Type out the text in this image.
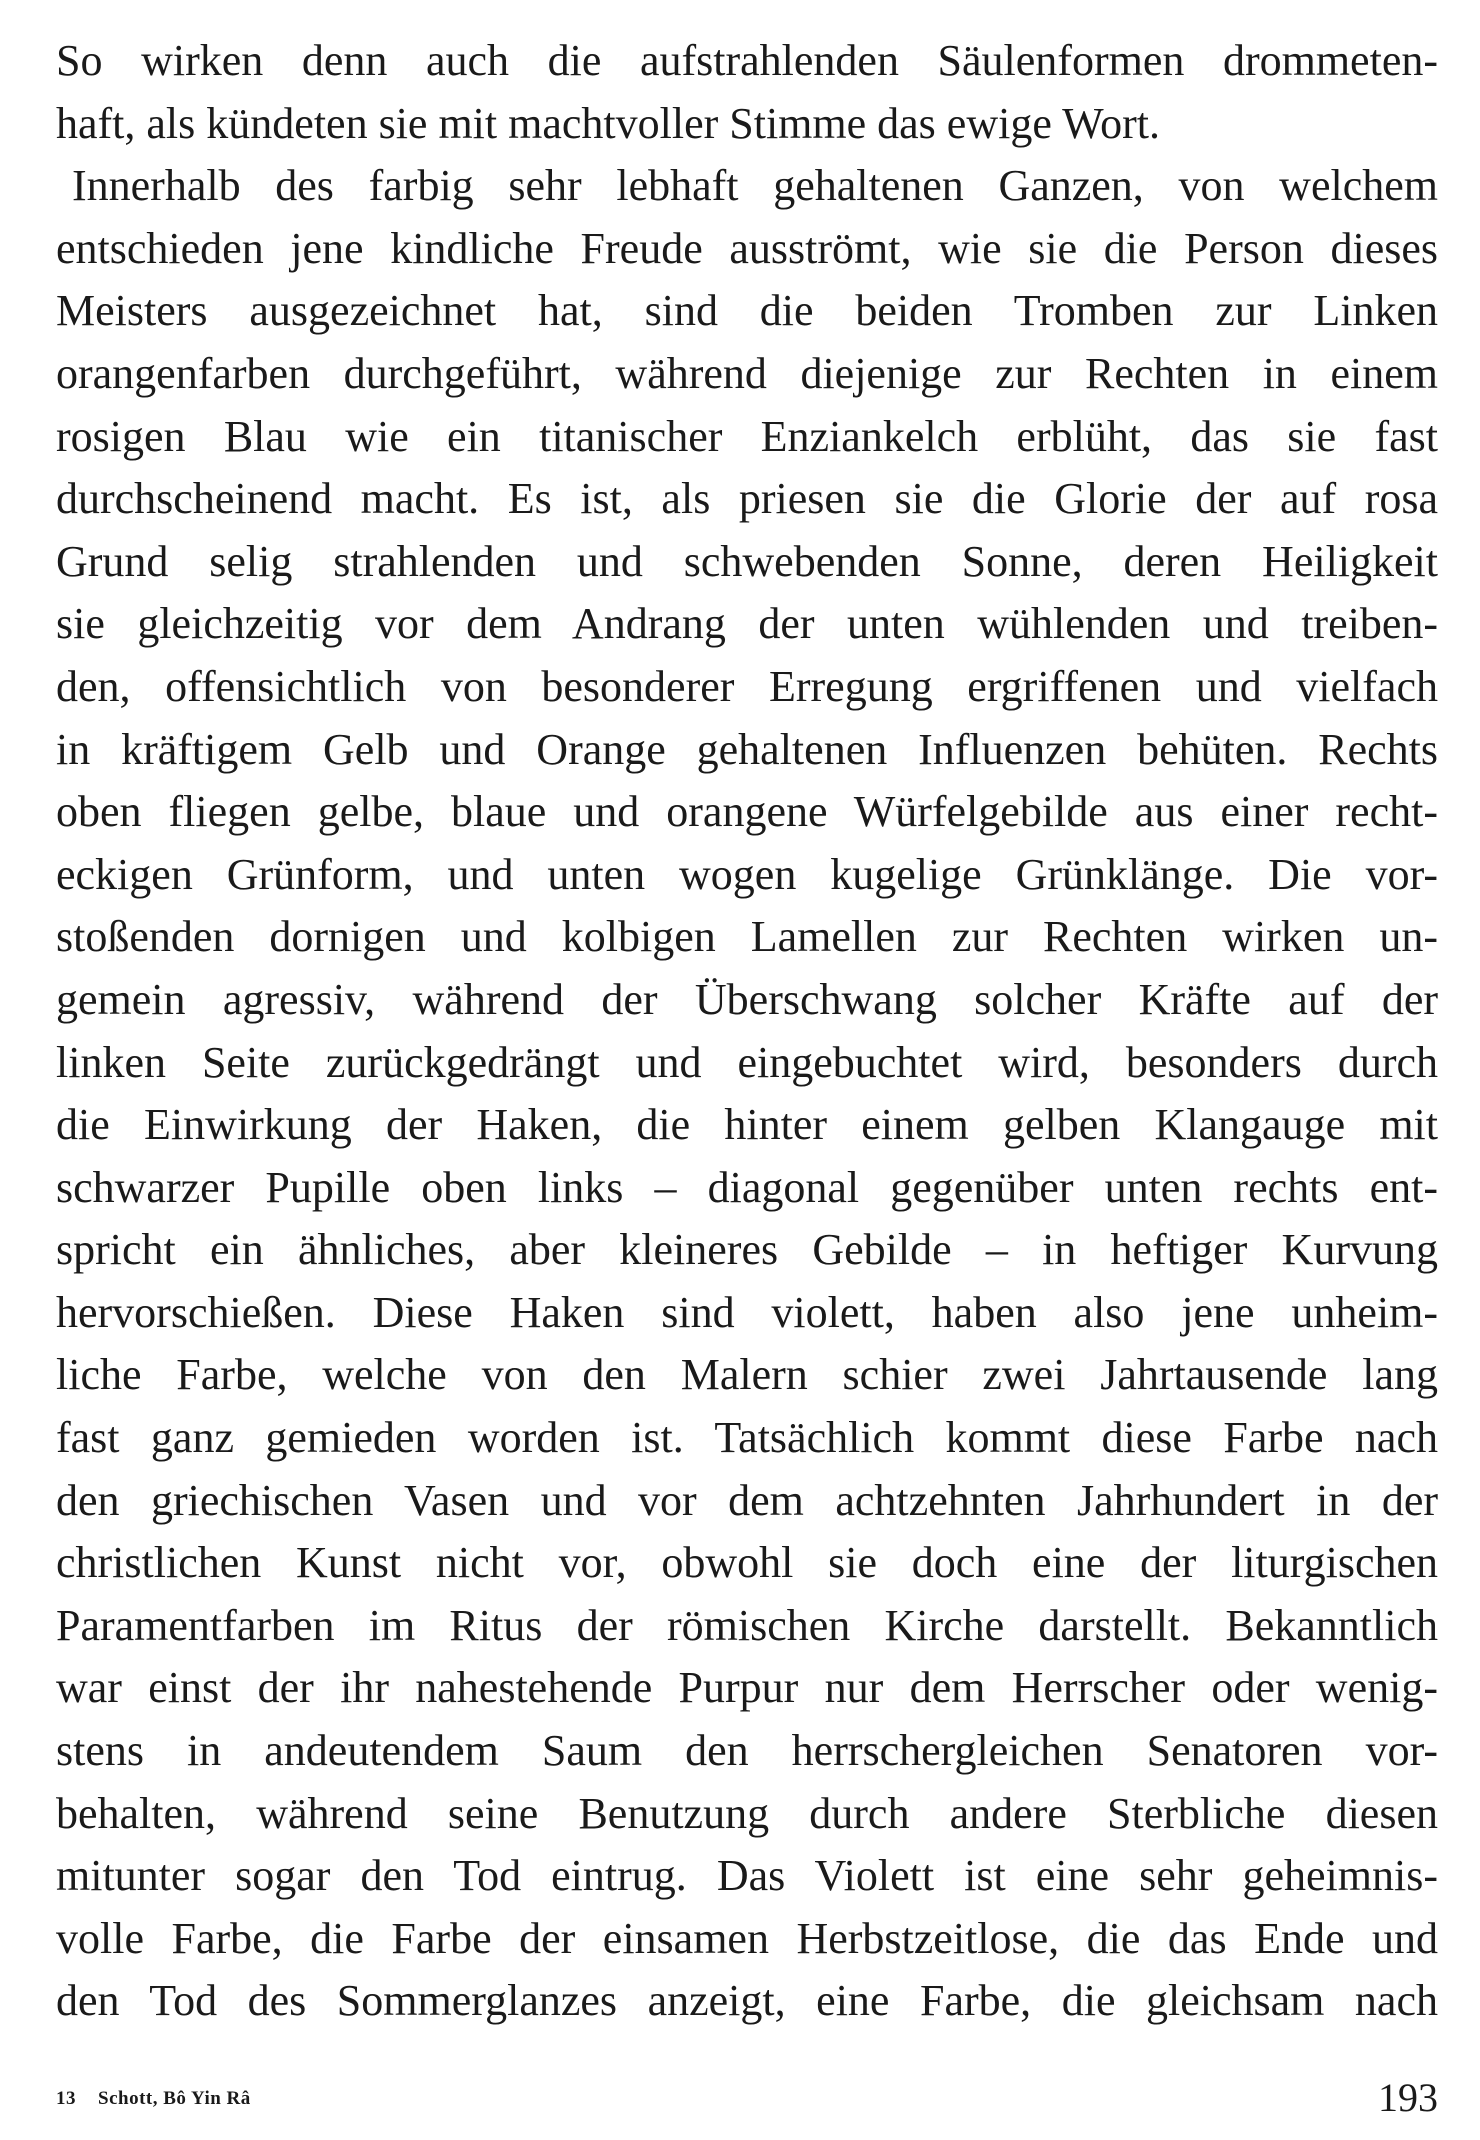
So wirken denn auch die aufstrahlenden Säulenformen drommeten-
haft, als kündeten sie mit machtvoller Stimme das ewige Wort.
Innerhalb des farbig sehr lebhaft gehaltenen Ganzen, von welchem
entschieden jene kindliche Freude ausströmt, wie sie die Person dieses
Meisters ausgezeichnet hat, sind die beiden Tromben zur Linken
orangenfarben durchgeführt, während diejenige zur Rechten in einem
rosigen Blau wie ein titanischer Enziankelch erblüht, das sie fast
durchscheinend macht. Es ist, als priesen sie die Glorie der auf rosa
Grund selig strahlenden und schwebenden Sonne, deren Heiligkeit
sie gleichzeitig vor dem Andrang der unten wühlenden und treiben-
den, offensichtlich von besonderer Erregung ergriffenen und vielfach
in kräftigem Gelb und Orange gehaltenen Influenzen behüten. Rechts
oben fliegen gelbe, blaue und orangene Würfelgebilde aus einer recht-
eckigen Grünform, und unten wogen kugelige Grünklänge. Die vor-
stoßenden dornigen und kolbigen Lamellen zur Rechten wirken un-
gemein agressiv, während der Überschwang solcher Kräfte auf der
linken Seite zurückgedrängt und eingebuchtet wird, besonders durch
die Einwirkung der Haken, die hinter einem gelben Klangauge mit
schwarzer Pupille oben links – diagonal gegenüber unten rechts ent-
spricht ein ähnliches, aber kleineres Gebilde – in heftiger Kurvung
hervorschießen. Diese Haken sind violett, haben also jene unheim-
liche Farbe, welche von den Malern schier zwei Jahrtausende lang
fast ganz gemieden worden ist. Tatsächlich kommt diese Farbe nach
den griechischen Vasen und vor dem achtzehnten Jahrhundert in der
christlichen Kunst nicht vor, obwohl sie doch eine der liturgischen
Paramentfarben im Ritus der römischen Kirche darstellt. Bekanntlich
war einst der ihr nahestehende Purpur nur dem Herrscher oder wenig-
stens in andeutendem Saum den herrschergleichen Senatoren vor-
behalten, während seine Benutzung durch andere Sterbliche diesen
mitunter sogar den Tod eintrug. Das Violett ist eine sehr geheimnis-
volle Farbe, die Farbe der einsamen Herbstzeitlose, die das Ende und
den Tod des Sommerglanzes anzeigt, eine Farbe, die gleichsam nach
13 Schott, Bô Yin Râ	193
